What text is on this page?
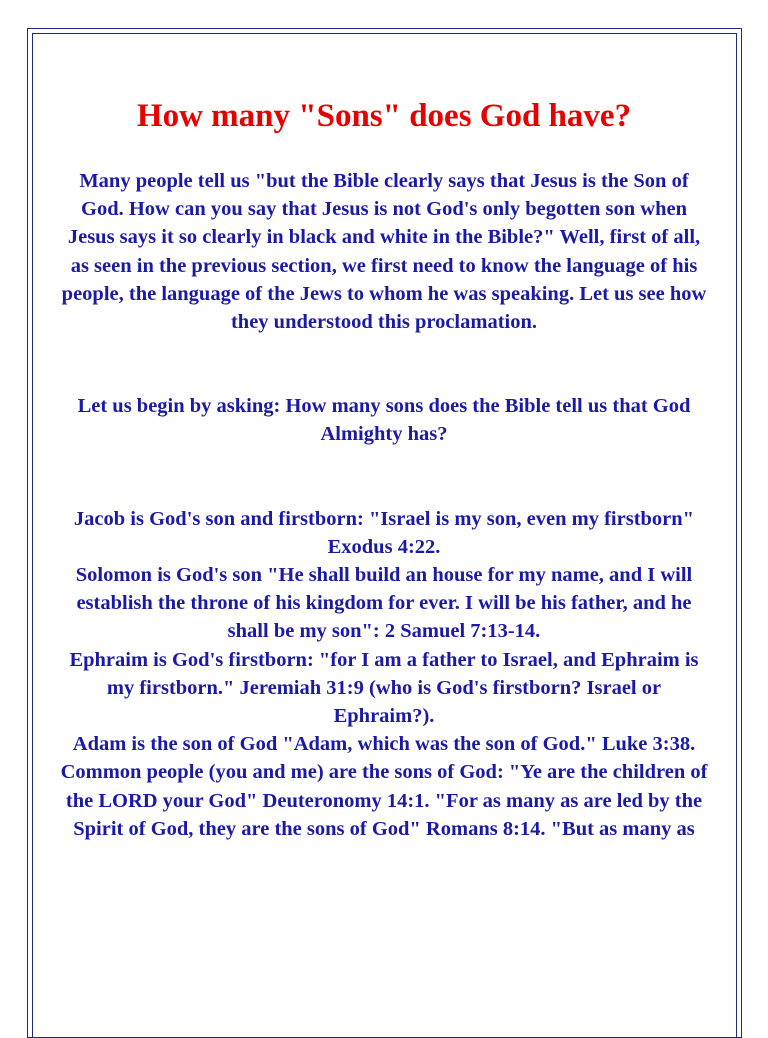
How many "Sons" does God have?

Many people tell us "but the Bible clearly says that Jesus is the Son of God. How can you say that Jesus is not God's only begotten son when Jesus says it so clearly in black and white in the Bible?" Well, first of all, as seen in the previous section, we first need to know the language of his people, the language of the Jews to whom he was speaking. Let us see how they understood this proclamation.

Let us begin by asking: How many sons does the Bible tell us that God Almighty has?

Jacob is God's son and firstborn: "Israel is my son, even my firstborn" Exodus 4:22.

Solomon is God's son "He shall build an house for my name, and I will establish the throne of his kingdom for ever. I will be his father, and he shall be my son": 2 Samuel 7:13-14.

Ephraim is God's firstborn: "for I am a father to Israel, and Ephraim is my firstborn." Jeremiah 31:9 (who is God's firstborn? Israel or Ephraim?).

Adam is the son of God "Adam, which was the son of God." Luke 3:38.

Common people (you and me) are the sons of God: "Ye are the children of the LORD your God" Deuteronomy 14:1. "For as many as are led by the Spirit of God, they are the sons of God" Romans 8:14. "But as many as
